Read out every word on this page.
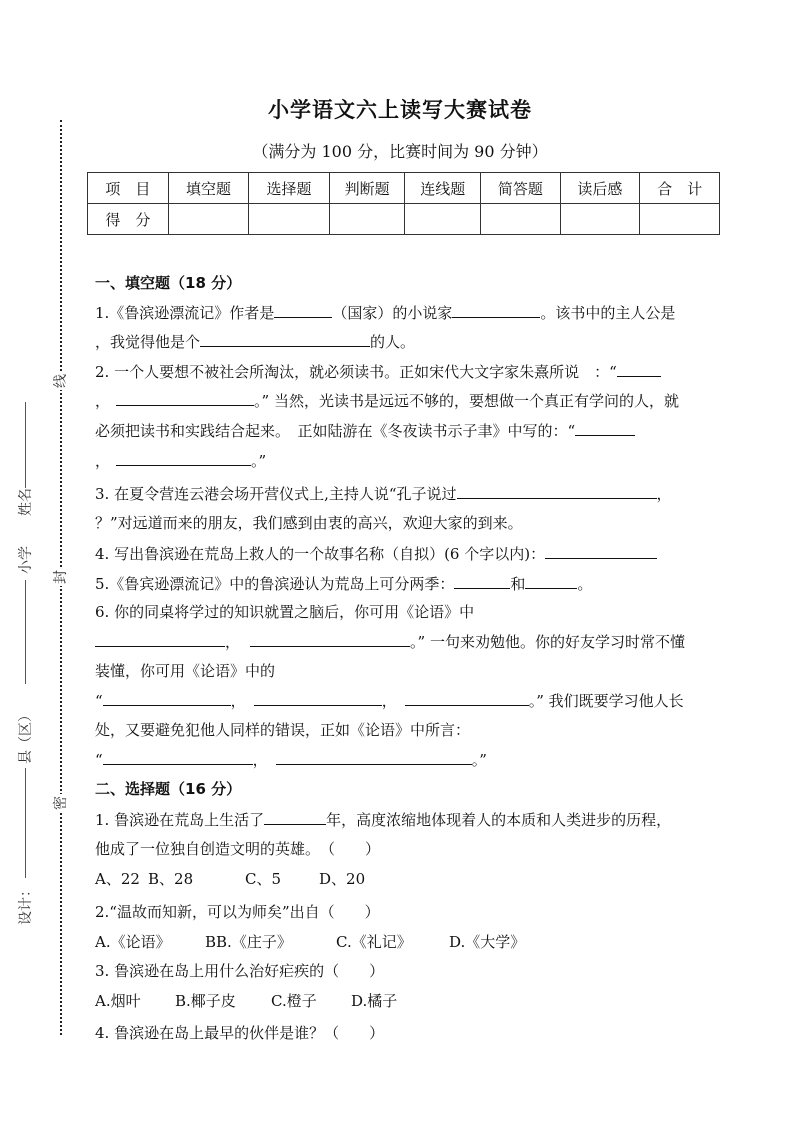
线
封
密
姓名
小学
县（区）
设计：
小学语文六上读写大赛试卷
（满分为 100 分，比赛时间为 90 分钟）
项　目	填空题	选择题	判断题	连线题	简答题	读后感	合　计
得　分							
一、填空题（18 分）
1.《鲁滨逊漂流记》作者是	（国家）的小说家	。该书中的主人公是
，我觉得他是个	的人。
2. 一个人要想不被社会所淘汰，就必须读书。正如宋代大文字家朱熹所说　：“
，	。” 当然，光读书是远远不够的，要想做一个真正有学问的人，就
必须把读书和实践结合起来。　正如陆游在《冬夜读书示子聿》中写的：“
，	。”
3. 在夏令营连云港会场开营仪式上,主持人说“孔子说过	，
？”对远道而来的朋友，我们感到由衷的高兴，欢迎大家的到来。
4. 写出鲁滨逊在荒岛上救人的一个故事名称（自拟）(6 个字以内)：
5.《鲁宾逊漂流记》中的鲁滨逊认为荒岛上可分两季：	和	。
6. 你的同桌将学过的知识就置之脑后，你可用《论语》中
，	。” 一句来劝勉他。你的好友学习时常不懂
装懂，你可用《论语》中的
“	，	，	。” 我们既要学习他人长
处，又要避免犯他人同样的错误，正如《论语》中所言：
“	，	。”
二、选择题（16 分）
1. 鲁滨逊在荒岛上生活了	年，高度浓缩地体现着人的本质和人类进步的历程，
他成了一位独自创造文明的英雄。　（　　）
A、22 B、28	C、5	D、20
2.“温故而知新，可以为师矣”出自（　　）
A.《论语》 BB.《庄子》	C.《礼记》 D.《大学》
3. 鲁滨逊在岛上用什么治好疟疾的（　　）
A.烟叶 B.椰子皮 C.橙子 D.橘子
4. 鲁滨逊在岛上最早的伙伴是谁？（　　）
